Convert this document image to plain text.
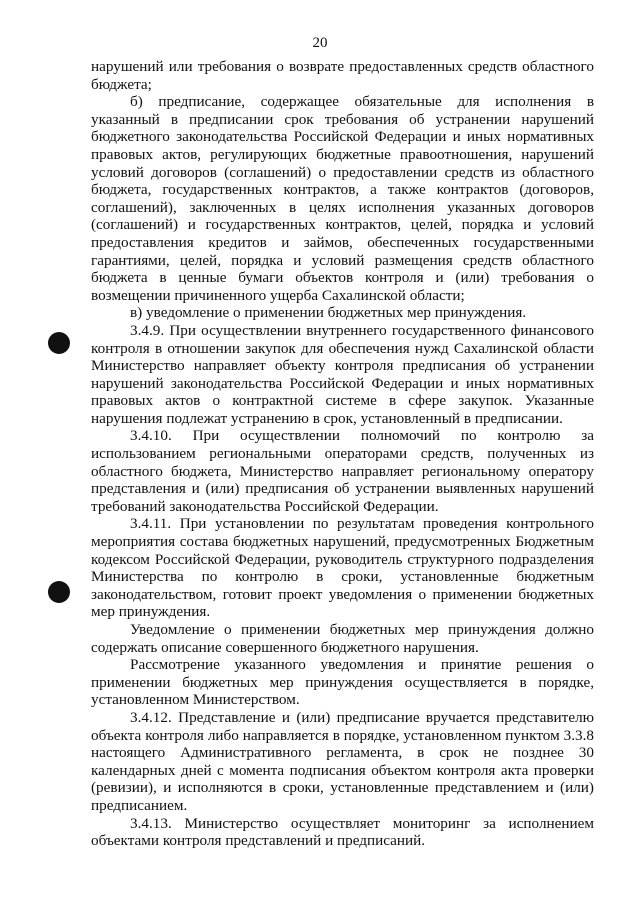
20

нарушений или требования о возврате предоставленных средств областного бюджета;

б) предписание, содержащее обязательные для исполнения в указанный в предписании срок требования об устранении нарушений бюджетного законодательства Российской Федерации и иных нормативных правовых актов, регулирующих бюджетные правоотношения, нарушений условий договоров (соглашений) о предоставлении средств из областного бюджета, государственных контрактов, а также контрактов (договоров, соглашений), заключенных в целях исполнения указанных договоров (соглашений) и государственных контрактов, целей, порядка и условий предоставления кредитов и займов, обеспеченных государственными гарантиями, целей, порядка и условий размещения средств областного бюджета в ценные бумаги объектов контроля и (или) требования о возмещении причиненного ущерба Сахалинской области;

в) уведомление о применении бюджетных мер принуждения.

3.4.9. При осуществлении внутреннего государственного финансового контроля в отношении закупок для обеспечения нужд Сахалинской области Министерство направляет объекту контроля предписания об устранении нарушений законодательства Российской Федерации и иных нормативных правовых актов о контрактной системе в сфере закупок. Указанные нарушения подлежат устранению в срок, установленный в предписании.

3.4.10. При осуществлении полномочий по контролю за использованием региональными операторами средств, полученных из областного бюджета, Министерство направляет региональному оператору представления и (или) предписания об устранении выявленных нарушений требований законодательства Российской Федерации.

3.4.11. При установлении по результатам проведения контрольного мероприятия состава бюджетных нарушений, предусмотренных Бюджетным кодексом Российской Федерации, руководитель структурного подразделения Министерства по контролю в сроки, установленные бюджетным законодательством, готовит проект уведомления о применении бюджетных мер принуждения.

Уведомление о применении бюджетных мер принуждения должно содержать описание совершенного бюджетного нарушения.

Рассмотрение указанного уведомления и принятие решения о применении бюджетных мер принуждения осуществляется в порядке, установленном Министерством.

3.4.12. Представление и (или) предписание вручается представителю объекта контроля либо направляется в порядке, установленном пунктом 3.3.8 настоящего Административного регламента, в срок не позднее 30 календарных дней с момента подписания объектом контроля акта проверки (ревизии), и исполняются в сроки, установленные представлением и (или) предписанием.

3.4.13. Министерство осуществляет мониторинг за исполнением объектами контроля представлений и предписаний.
